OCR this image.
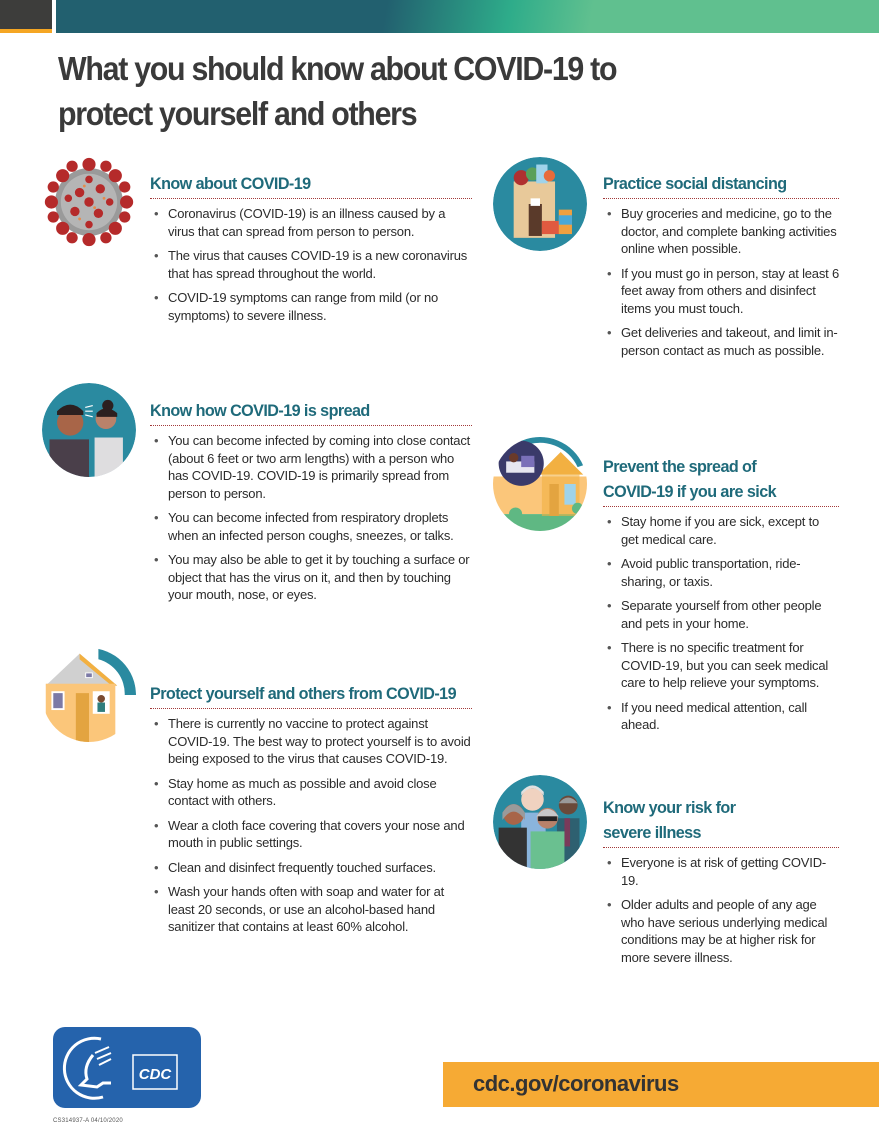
What you should know about COVID-19 to
protect yourself and others
Know about COVID-19
• Coronavirus (COVID-19) is an illness caused by a virus that can spread from person to person.
• The virus that causes COVID-19 is a new coronavirus that has spread throughout the world.
• COVID-19 symptoms can range from mild (or no symptoms) to severe illness.
Know how COVID-19 is spread
• You can become infected by coming into close contact (about 6 feet or two arm lengths) with a person who has COVID-19. COVID-19 is primarily spread from person to person.
• You can become infected from respiratory droplets when an infected person coughs, sneezes, or talks.
• You may also be able to get it by touching a surface or object that has the virus on it, and then by touching your mouth, nose, or eyes.
Protect yourself and others from COVID-19
• There is currently no vaccine to protect against COVID-19. The best way to protect yourself is to avoid being exposed to the virus that causes COVID-19.
• Stay home as much as possible and avoid close contact with others.
• Wear a cloth face covering that covers your nose and mouth in public settings.
• Clean and disinfect frequently touched surfaces.
• Wash your hands often with soap and water for at least 20 seconds, or use an alcohol-based hand sanitizer that contains at least 60% alcohol.
Practice social distancing
• Buy groceries and medicine, go to the doctor, and complete banking activities online when possible.
• If you must go in person, stay at least 6 feet away from others and disinfect items you must touch.
• Get deliveries and takeout, and limit in-person contact as much as possible.
Prevent the spread of
COVID-19 if you are sick
• Stay home if you are sick, except to get medical care.
• Avoid public transportation, ride-sharing, or taxis.
• Separate yourself from other people and pets in your home.
• There is no specific treatment for COVID-19, but you can seek medical care to help relieve your symptoms.
• If you need medical attention, call ahead.
Know your risk for
severe illness
• Everyone is at risk of getting COVID-19.
• Older adults and people of any age who have serious underlying medical conditions may be at higher risk for more severe illness.
CDC
CS314937-A 04/10/2020
cdc.gov/coronavirus
